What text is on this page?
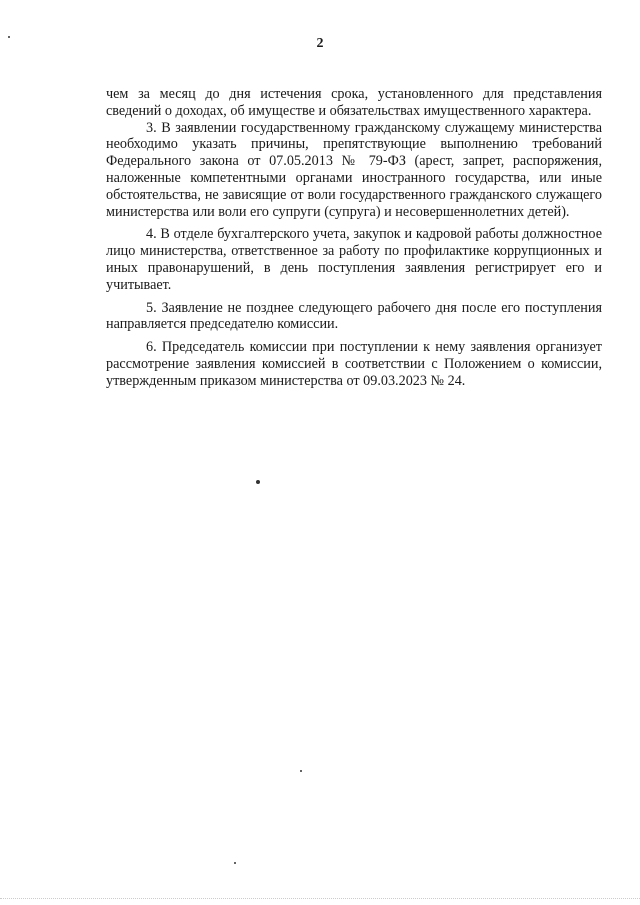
2

чем за месяц до дня истечения срока, установленного для представления сведений о доходах, об имуществе и обязательствах имущественного характера.

3. В заявлении государственному гражданскому служащему министерства необходимо указать причины, препятствующие выполнению требований Федерального закона от 07.05.2013 № 79-ФЗ (арест, запрет, распоряжения, наложенные компетентными органами иностранного государства, или иные обстоятельства, не зависящие от воли государственного гражданского служащего министерства или воли его супруги (супруга) и несовершеннолетних детей).

4. В отделе бухгалтерского учета, закупок и кадровой работы должностное лицо министерства, ответственное за работу по профилактике коррупционных и иных правонарушений, в день поступления заявления регистрирует его и учитывает.

5. Заявление не позднее следующего рабочего дня после его поступления направляется председателю комиссии.

6. Председатель комиссии при поступлении к нему заявления организует рассмотрение заявления комиссией в соответствии с Положением о комиссии, утвержденным приказом министерства от 09.03.2023 № 24.
